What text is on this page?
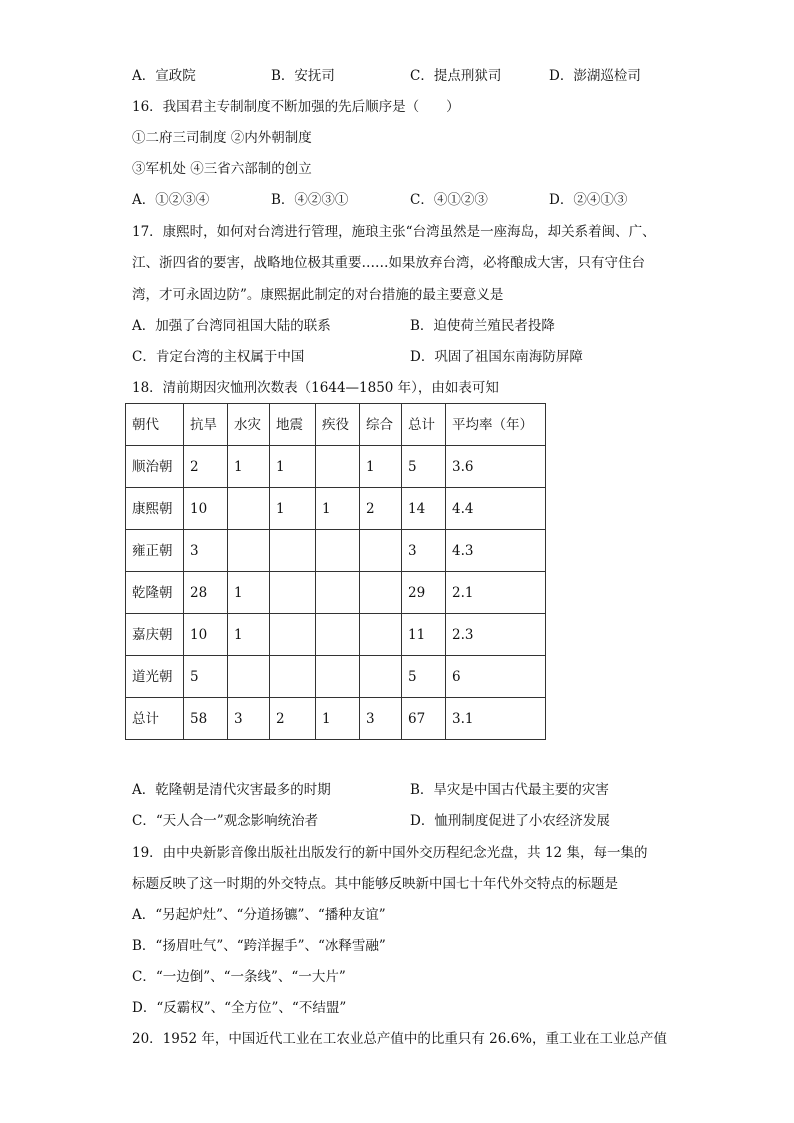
A．宣政院	B．安抚司	C．提点刑狱司	D．澎湖巡检司
16．我国君主专制制度不断加强的先后顺序是（　　）
①二府三司制度 ②内外朝制度
③军机处 ④三省六部制的创立
A．①②③④	B．④②③①	C．④①②③	D．②④①③
17．康熙时，如何对台湾进行管理，施琅主张“台湾虽然是一座海岛，却关系着闽、广、
江、浙四省的要害，战略地位极其重要……如果放弃台湾，必将酿成大害，只有守住台
湾，才可永固边防”。康熙据此制定的对台措施的最主要意义是
A．加强了台湾同祖国大陆的联系	B．迫使荷兰殖民者投降
C．肯定台湾的主权属于中国	D．巩固了祖国东南海防屏障
18．清前期因灾恤刑次数表（1644—1850 年），由如表可知
朝代	抗旱	水灾	地震	疾役	综合	总计	平均率（年）
顺治朝	2	1	1		1	5	3.6
康熙朝	10		1	1	2	14	4.4
雍正朝	3					3	4.3
乾隆朝	28	1				29	2.1
嘉庆朝	10	1				11	2.3
道光朝	5					5	6
总计	58	3	2	1	3	67	3.1
A．乾隆朝是清代灾害最多的时期	B．旱灾是中国古代最主要的灾害
C．“天人合一”观念影响统治者	D．恤刑制度促进了小农经济发展
19．由中央新影音像出版社出版发行的新中国外交历程纪念光盘，共 12 集，每一集的
标题反映了这一时期的外交特点。其中能够反映新中国七十年代外交特点的标题是
A．“另起炉灶”、“分道扬镳”、“播种友谊”
B．“扬眉吐气”、“跨洋握手”、“冰释雪融”
C．“一边倒”、“一条线”、“一大片”
D．“反霸权”、“全方位”、“不结盟”
20．1952 年，中国近代工业在工农业总产值中的比重只有 26.6%，重工业在工业总产值
